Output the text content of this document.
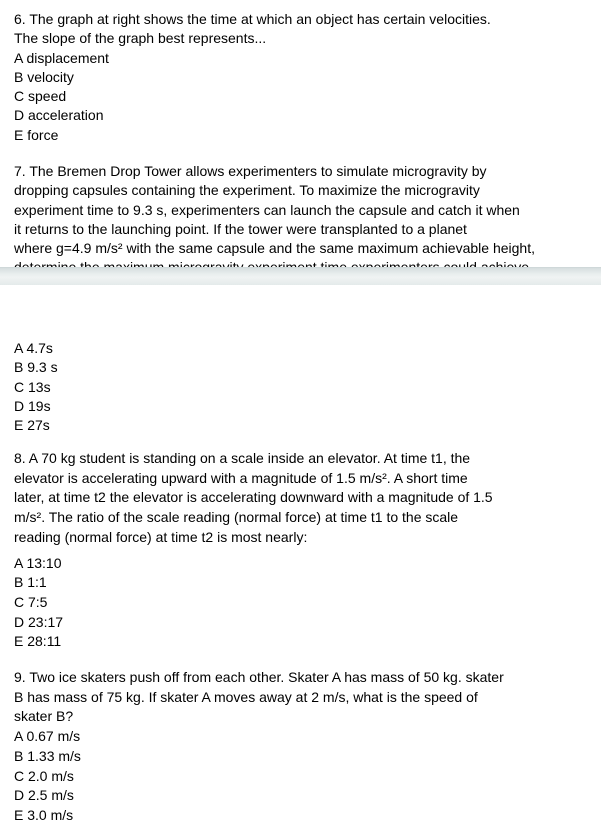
6. The graph at right shows the time at which an object has certain velocities.
The slope of the graph best represents...
A displacement
B velocity
C speed
D acceleration
E force
7. The Bremen Drop Tower allows experimenters to simulate microgravity by
dropping capsules containing the experiment. To maximize the microgravity
experiment time to 9.3 s, experimenters can launch the capsule and catch it when
it returns to the launching point. If the tower were transplanted to a planet
where g=4.9 m/s² with the same capsule and the same maximum achievable height,
A 4.7s
B 9.3 s
C 13s
D 19s
E 27s
8. A 70 kg student is standing on a scale inside an elevator. At time t1, the
elevator is accelerating upward with a magnitude of 1.5 m/s². A short time
later, at time t2 the elevator is accelerating downward with a magnitude of 1.5
m/s². The ratio of the scale reading (normal force) at time t1 to the scale
reading (normal force) at time t2 is most nearly:
A 13:10
B 1:1
C 7:5
D 23:17
E 28:11
9. Two ice skaters push off from each other. Skater A has mass of 50 kg. skater
B has mass of 75 kg. If skater A moves away at 2 m/s, what is the speed of
skater B?
A 0.67 m/s
B 1.33 m/s
C 2.0 m/s
D 2.5 m/s
E 3.0 m/s
